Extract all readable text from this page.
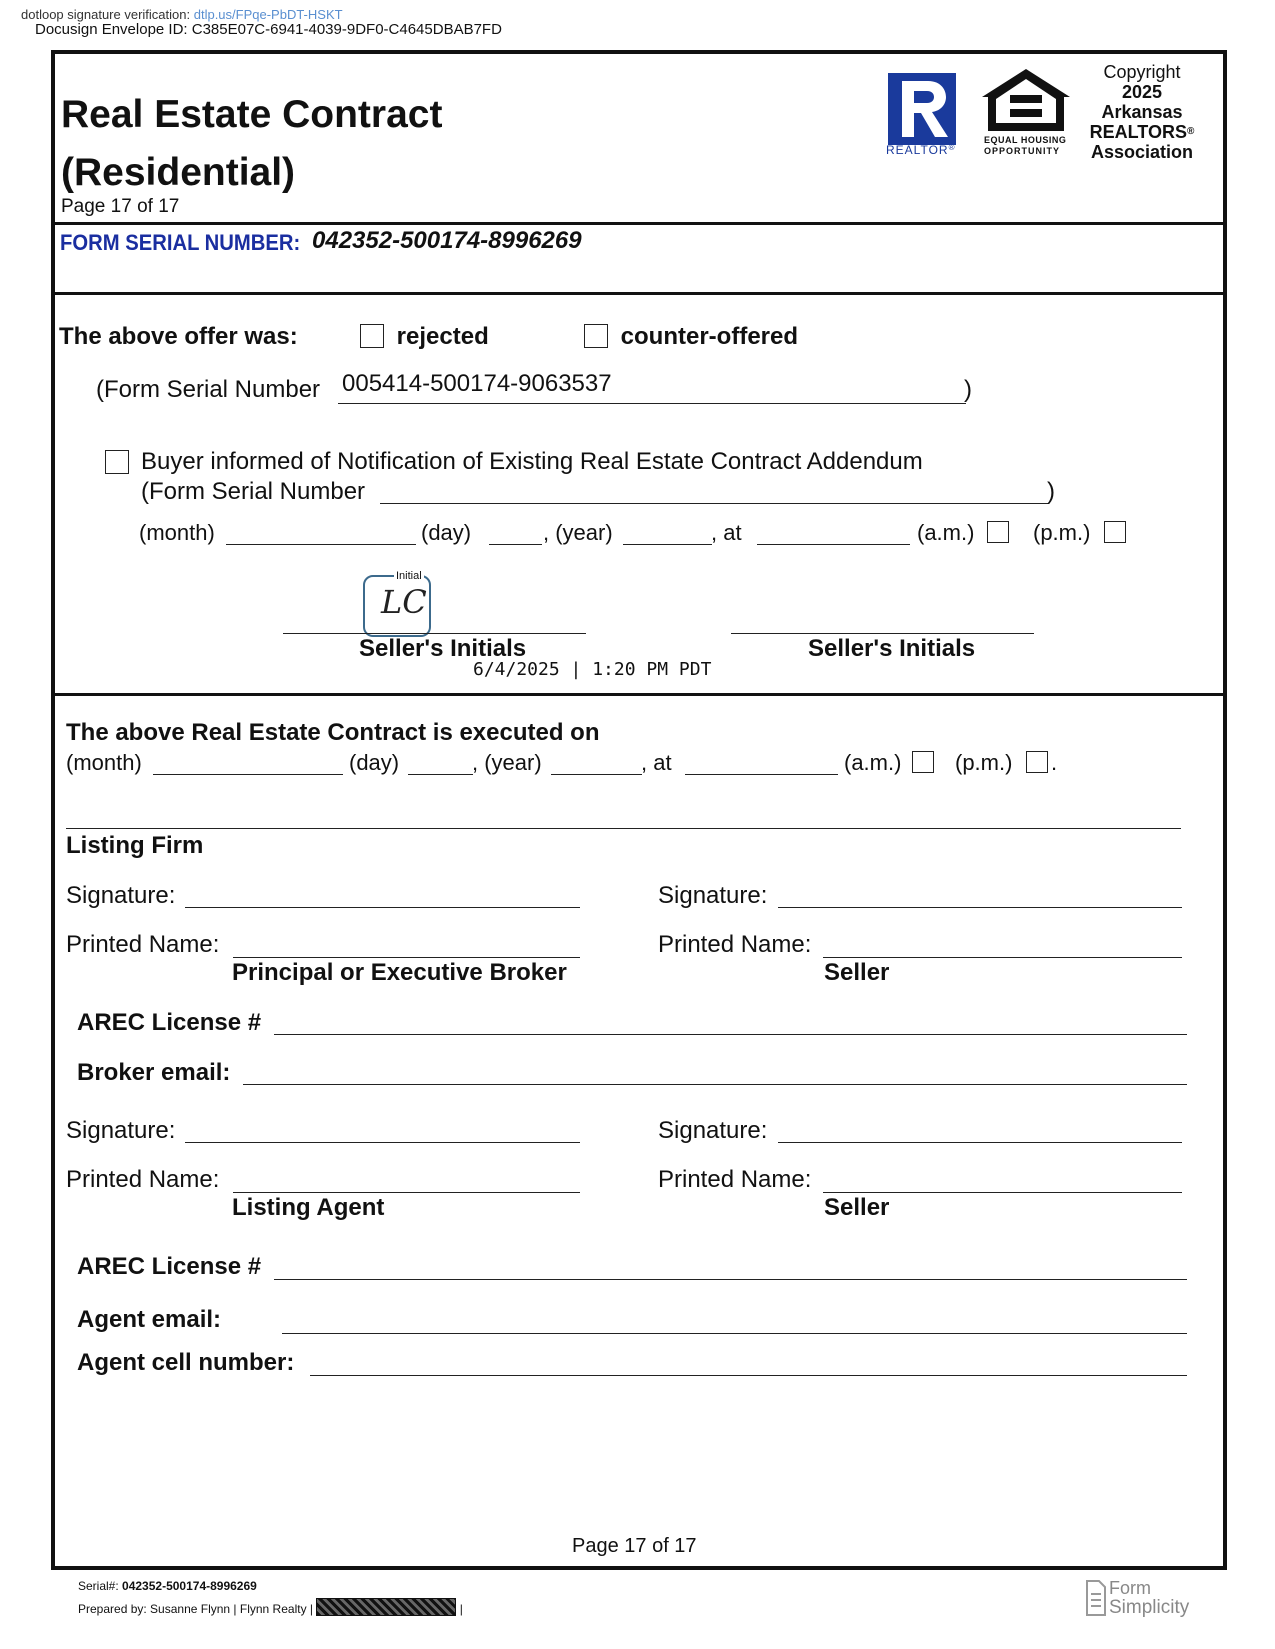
dotloop signature verification: dtlp.us/FPqe-PbDT-HSKT
Docusign Envelope ID: C385E07C-6941-4039-9DF0-C4645DBAB7FD
Real Estate Contract
(Residential)
Page 17 of 17
REALTOR®
EQUAL HOUSING
OPPORTUNITY
Copyright
2025
Arkansas
REALTORS®
Association
FORM SERIAL NUMBER: 042352-500174-8996269
The above offer was:	rejected	counter-offered
(Form Serial Number 005414-500174-9063537	)
Buyer informed of Notification of Existing Real Estate Contract Addendum
(Form Serial Number	)
(month)	(day)	, (year)	, at	(a.m.)	(p.m.)
Initial
LC
Seller's Initials
6/4/2025 | 1:20 PM PDT
Seller's Initials
The above Real Estate Contract is executed on
(month)	(day)	, (year)	, at	(a.m.) (p.m.) .
Listing Firm
Signature:	Signature:
Printed Name:
Principal or Executive Broker
Printed Name:
Seller
AREC License #
Broker email:
Signature:	Signature:
Printed Name:
Listing Agent
Printed Name:
Seller
AREC License #
Agent email:
Agent cell number:
Page 17 of 17
Serial#: 042352-500174-8996269
Prepared by: Susanne Flynn | Flynn Realty |	|
Form
Simplicity
